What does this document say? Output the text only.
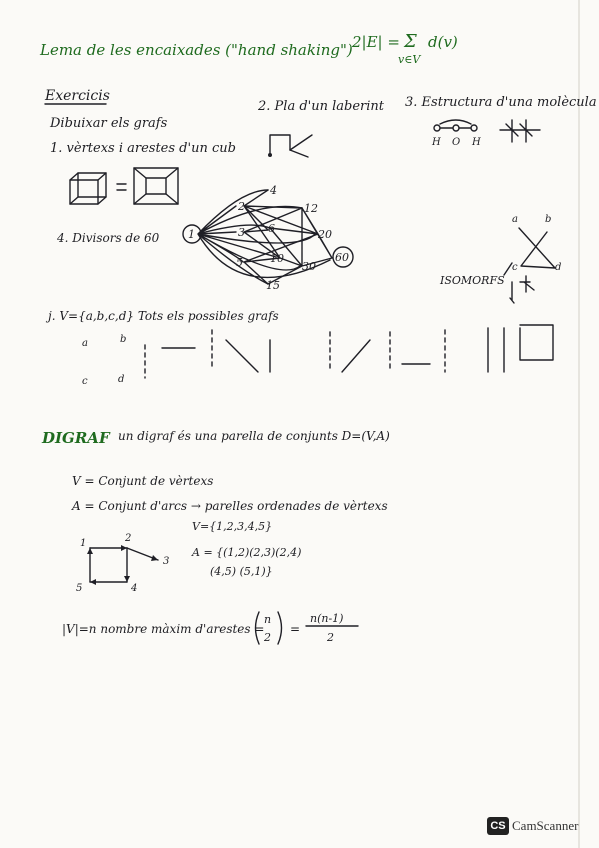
Lema de les encaixades ("hand shaking") 2|E| = Σ
v∈V
d(v)
Exercicis
Dibuixar els grafs
1. vèrtexs i arestes d'un cub
2. Pla d'un laberint 3. Estructura d'una molècula
H O H
4. Divisors de 60	1
2
3
4
5
6
10
12
15
20
30
60
a	b
c	d
ISOMORFS
j. V={a,b,c,d} Tots els possibles grafs
a	b
c	d
DIGRAF un digraf és una parella de conjunts D=(V,A)
V = Conjunt de vèrtexs
A = Conjunt d'arcs → parelles ordenades de vèrtexs
V={1,2,3,4,5}
A = {(1,2)(2,3)(2,4)
(4,5) (5,1)}
1	2
3
4
5
|V|=n nombre màxim d'arestes =
n
2
=
n(n-1)
2
CS CamScanner
